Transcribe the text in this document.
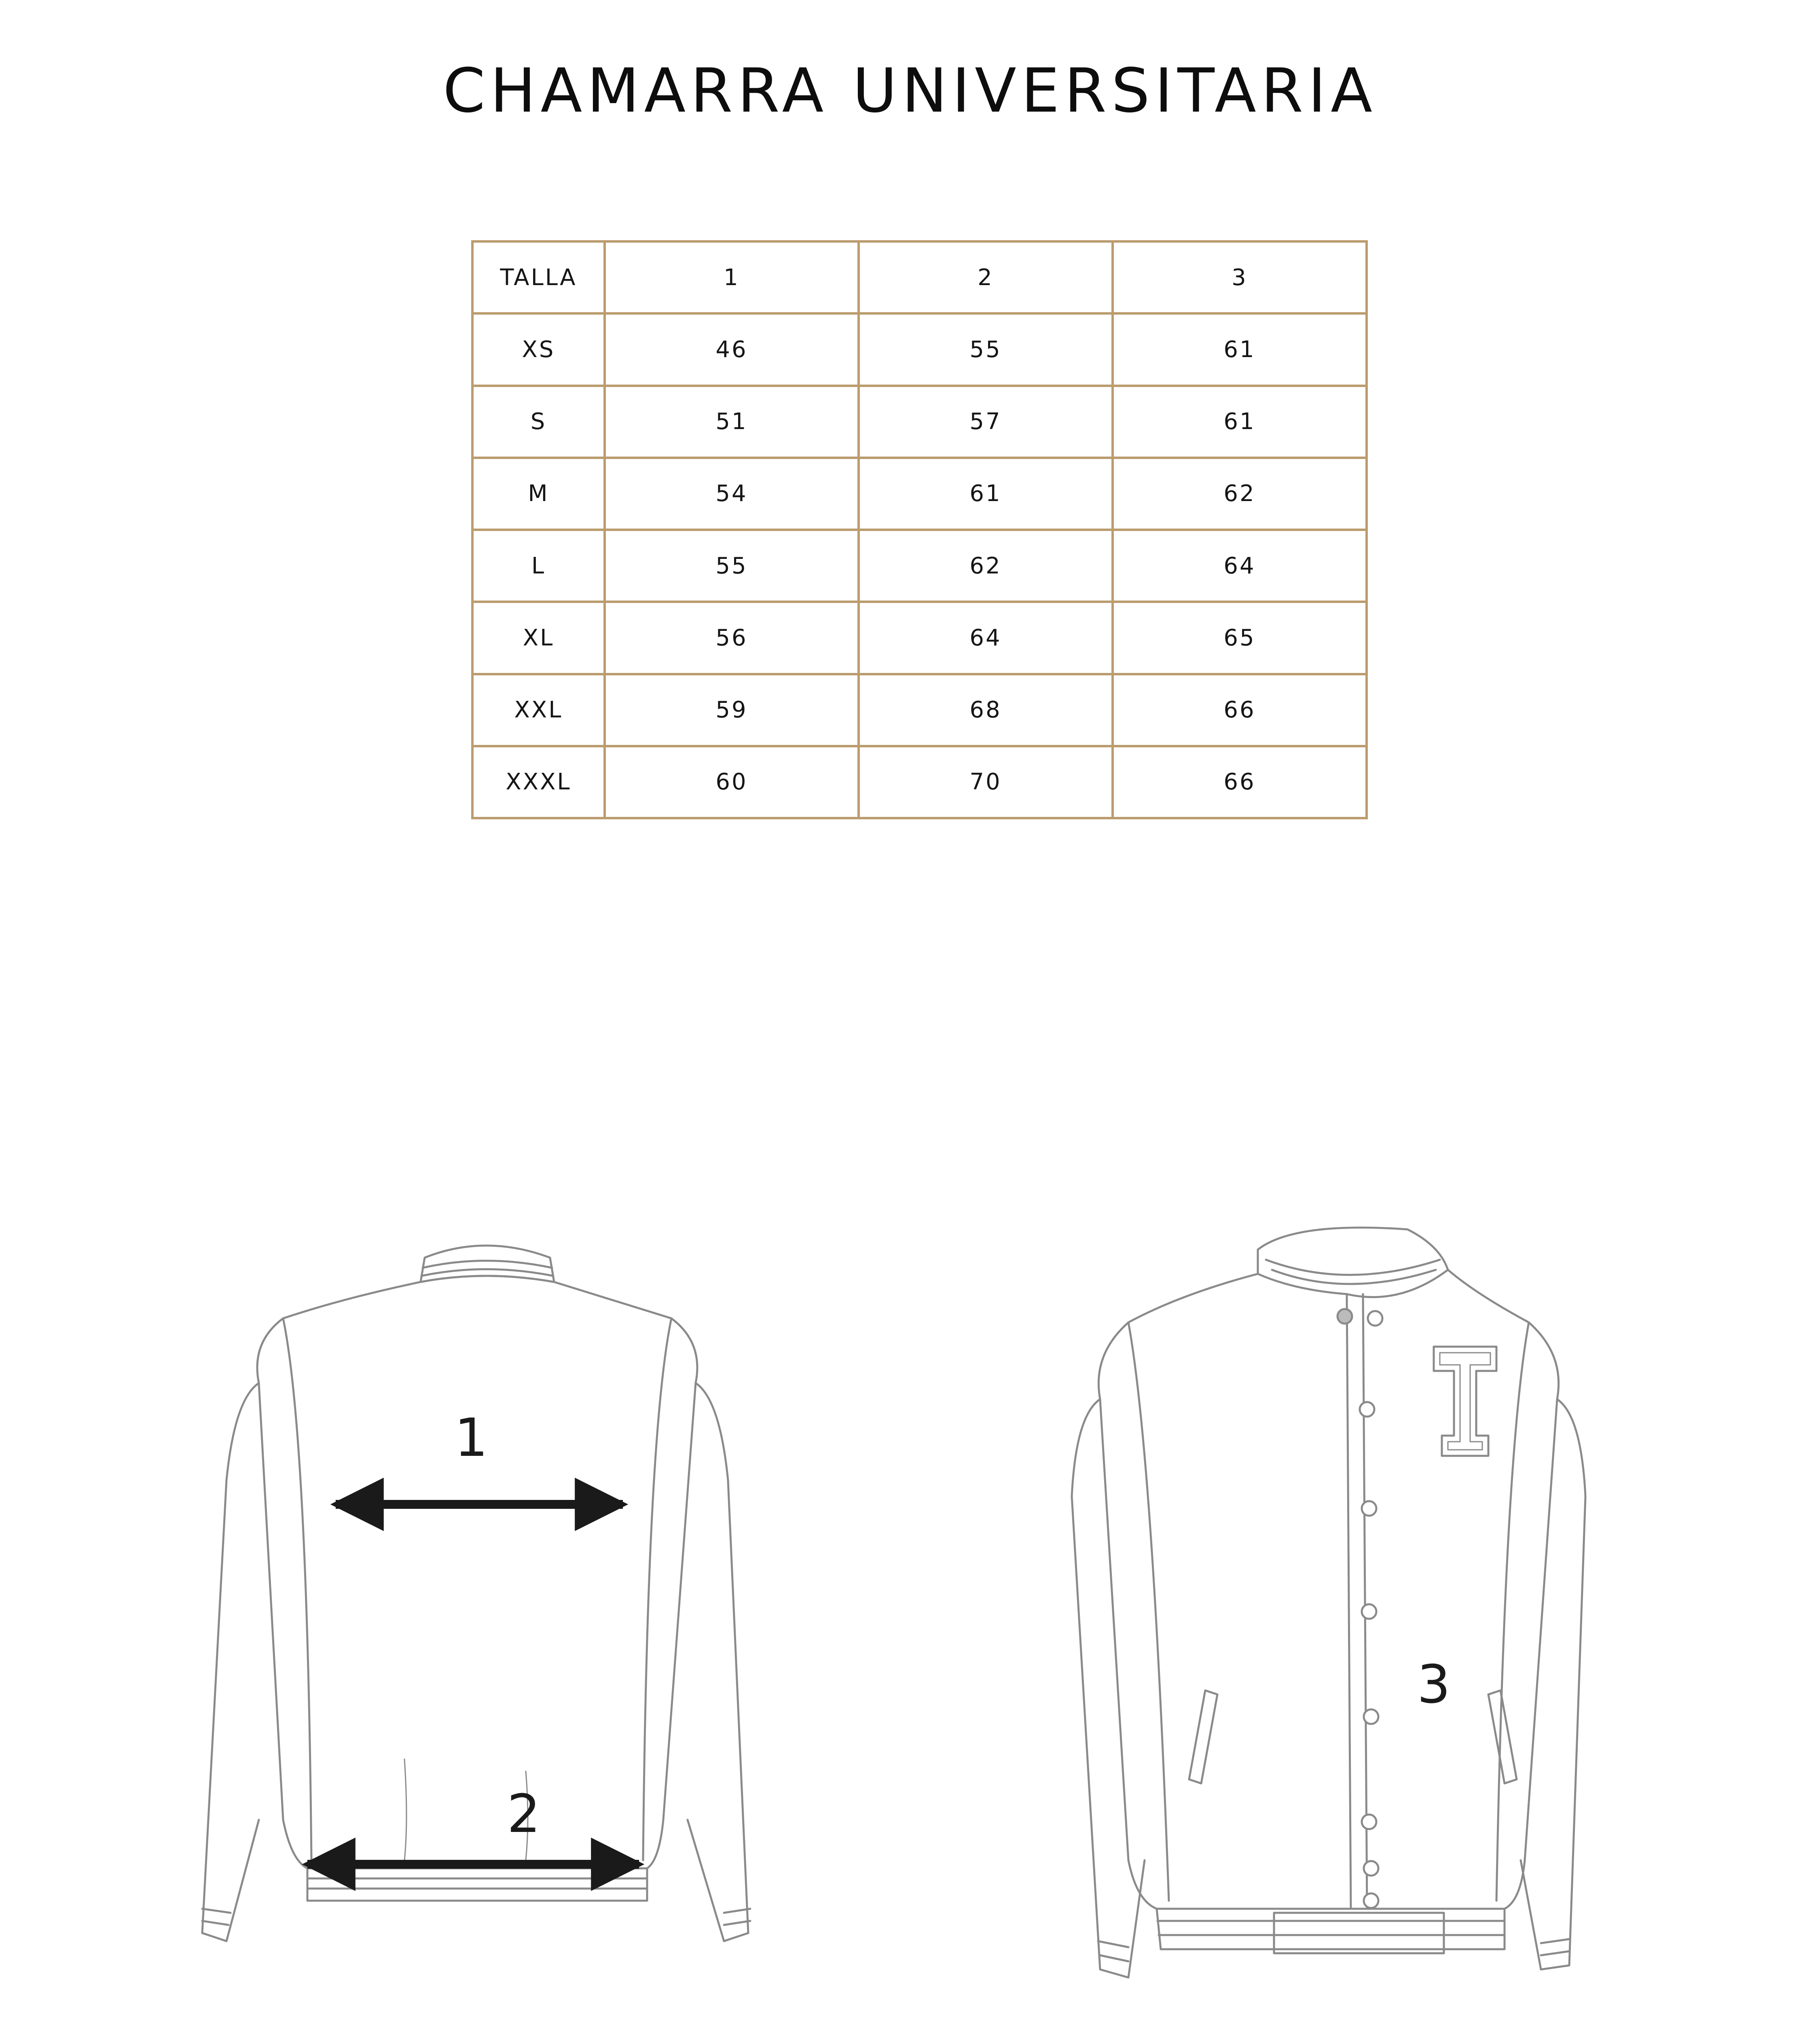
CHAMARRA UNIVERSITARIA
TALLA	1	2	3
XS	46	55	61
S	51	57	61
M	54	61	62
L	55	62	64
XL	56	64	65
XXL	59	68	66
XXXL	60	70	66
1
2
3
